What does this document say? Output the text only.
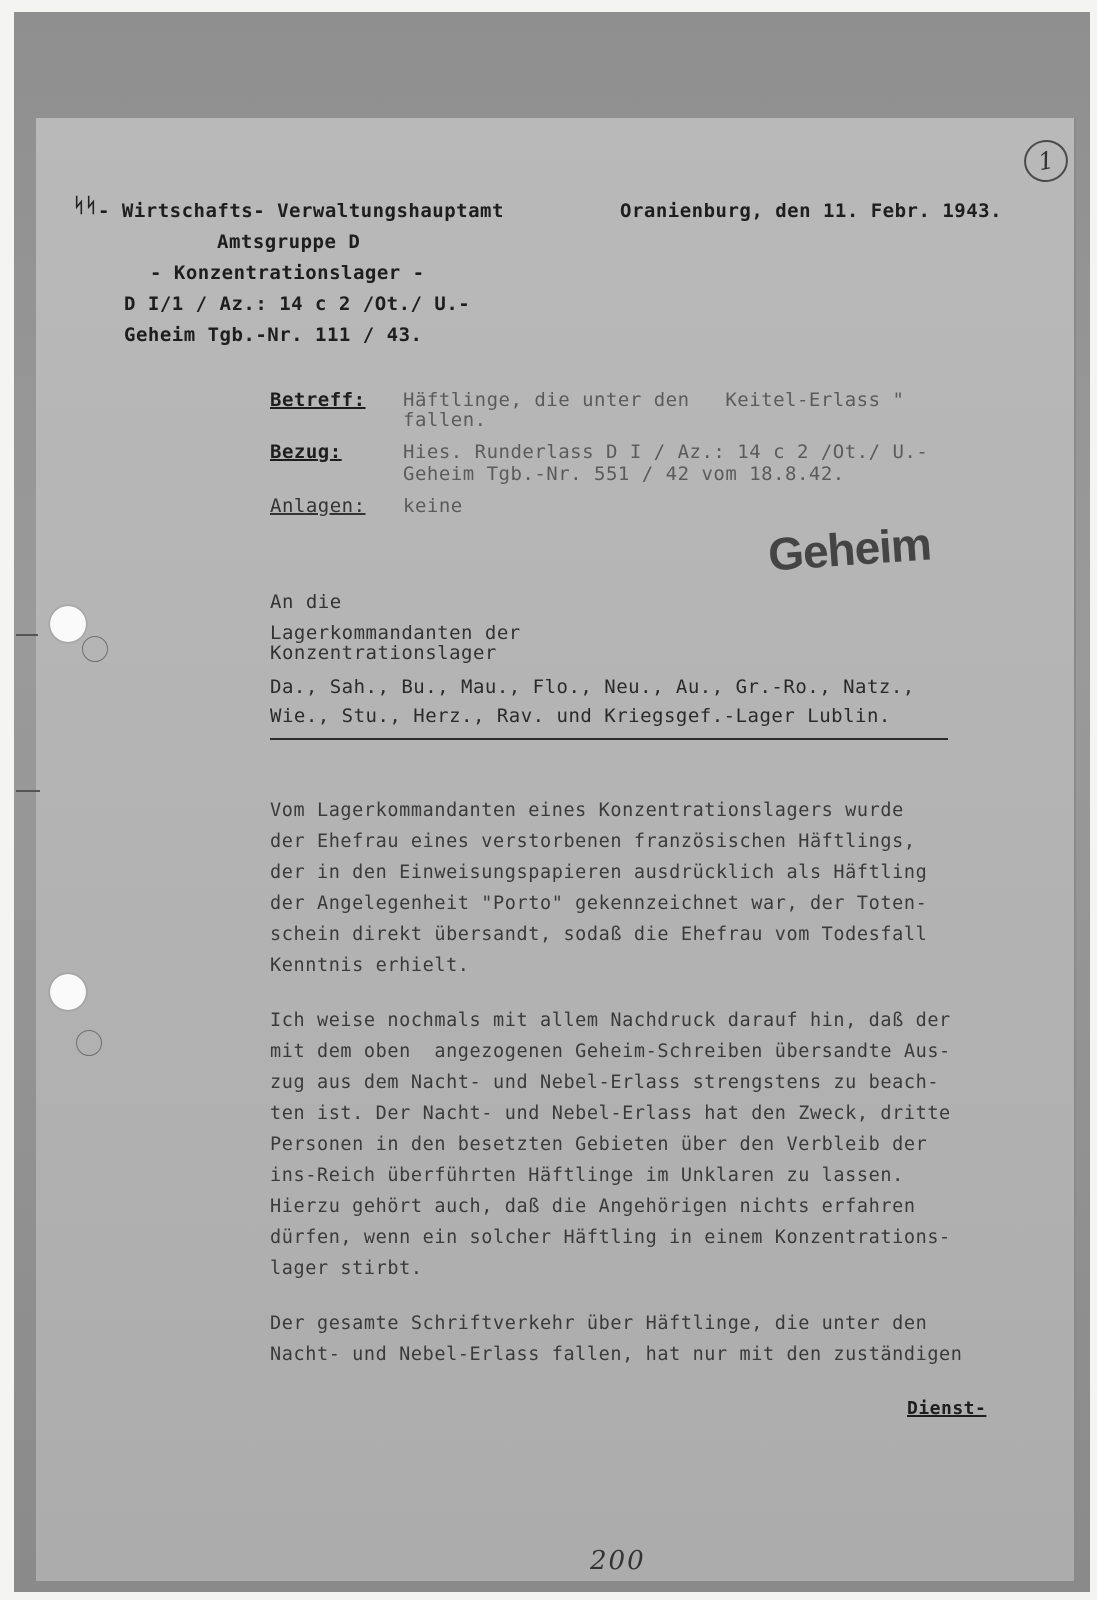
1
ᛋᛋ - Wirtschafts- Verwaltungshauptamt
Amtsgruppe D
- Konzentrationslager -
D I/1 / Az.: 14 c 2 /Ot./ U.-
Geheim Tgb.-Nr. 111 / 43.
Oranienburg, den 11. Febr. 1943.
Betreff: Häftlinge, die unter den   Keitel-Erlass "
fallen.
Bezug:	Hies. Runderlass D I / Az.: 14 c 2 /Ot./ U.-
Geheim Tgb.-Nr. 551 / 42 vom 18.8.42.
Anlagen: keine
Geheim
An die
Lagerkommandanten der
Konzentrationslager
Da., Sah., Bu., Mau., Flo., Neu., Au., Gr.-Ro., Natz.,
Wie., Stu., Herz., Rav. und Kriegsgef.-Lager Lublin.
Vom Lagerkommandanten eines Konzentrationslagers wurde
der Ehefrau eines verstorbenen französischen Häftlings,
der in den Einweisungspapieren ausdrücklich als Häftling
der Angelegenheit "Porto" gekennzeichnet war, der Toten-
schein direkt übersandt, sodaß die Ehefrau vom Todesfall
Kenntnis erhielt.
Ich weise nochmals mit allem Nachdruck darauf hin, daß der
mit dem oben  angezogenen Geheim-Schreiben übersandte Aus-
zug aus dem Nacht- und Nebel-Erlass strengstens zu beach-
ten ist. Der Nacht- und Nebel-Erlass hat den Zweck, dritte
Personen in den besetzten Gebieten über den Verbleib der
ins-Reich überführten Häftlinge im Unklaren zu lassen.
Hierzu gehört auch, daß die Angehörigen nichts erfahren
dürfen, wenn ein solcher Häftling in einem Konzentrations-
lager stirbt.
Der gesamte Schriftverkehr über Häftlinge, die unter den
Nacht- und Nebel-Erlass fallen, hat nur mit den zuständigen
Dienst-
200
